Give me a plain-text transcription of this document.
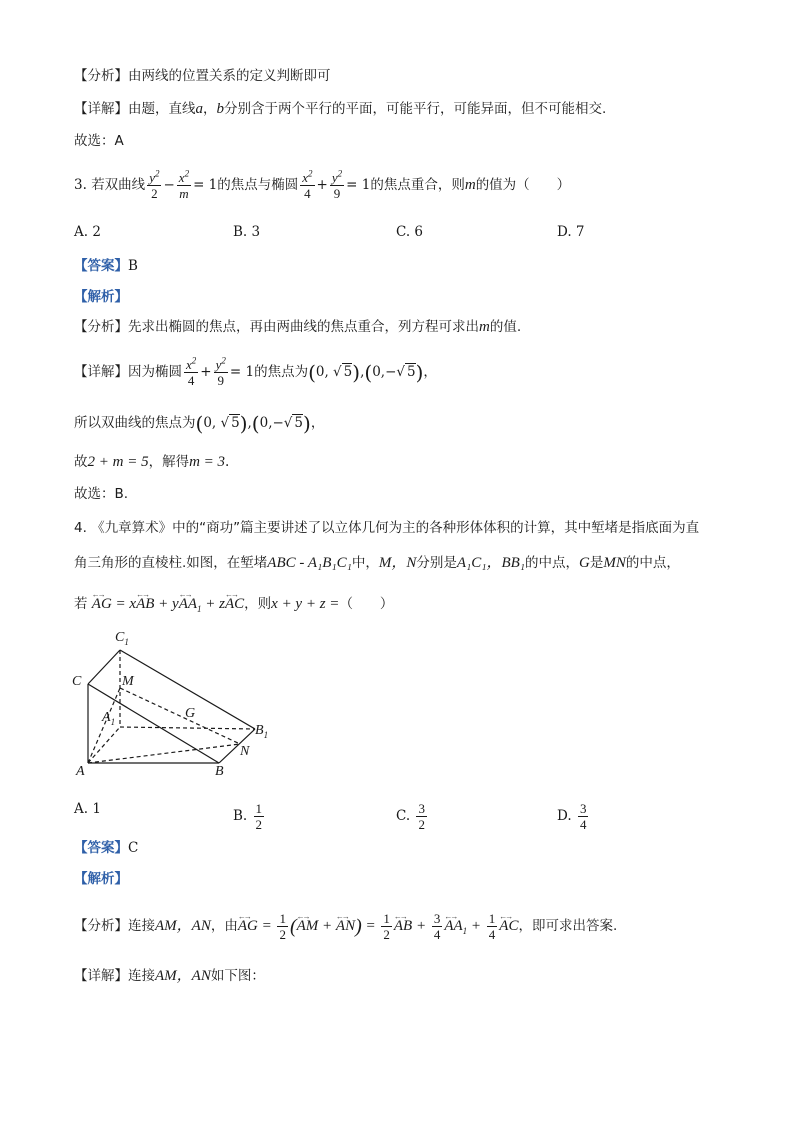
【分析】由两线的位置关系的定义判断即可
【详解】由题，直线a，b分别含于两个平行的平面，可能平行，可能异面，但不可能相交.
故选：A
3. 若双曲线 $\frac{y^2}{2} - \frac{x^2}{m} = 1$的焦点与椭圆 $\frac{x^2}{4} + \frac{y^2}{9} = 1$的焦点重合，则m的值为（　　）
A. 2	B. 3	C. 6	D. 7
【答案】B
【解析】
【分析】先求出椭圆的焦点，再由两曲线的焦点重合，列方程可求出m的值.
【详解】因为椭圆 $\frac{x^2}{4} + \frac{y^2}{9} = 1$的焦点为(0, √ 5),(0,−√ 5)，
所以双曲线的焦点为(0, √ 5),(0,−√ 5)，
故2 + m = 5，解得m = 3.
故选：B.
4. 《九章算术》中的“商功”篇主要讲述了以立体几何为主的各种形体体积的计算，其中堑堵是指底面为直
角三角形的直棱柱.如图，在堑堵ABC - A₁B₁C₁中，M，N分别是A₁C₁，BB₁的中点，G是MN的中点，
若 ←→ AG = x←→ AB + y←→ $AA_1$ + z←→ AC，则x + y + z =（　　）
$C_1$
C	M
$A_1$
G
$B_1$
N
A	B
A. 1	B. $\frac{1}{2}$	C. $\frac{3}{2}$	D. $\frac{3}{4}$
【答案】C
【解析】
【分析】连接AM，AN，由←→ AG = $\frac{1}{2}$ (←→ AM + ←→ $AN) = \frac{1}{2}$ ←→ AB + $\frac{3}{4}$ ←→ $AA_1 + \frac{1}{4}$ ←→ AC，即可求出答案.
【详解】连接AM，AN如下图：
